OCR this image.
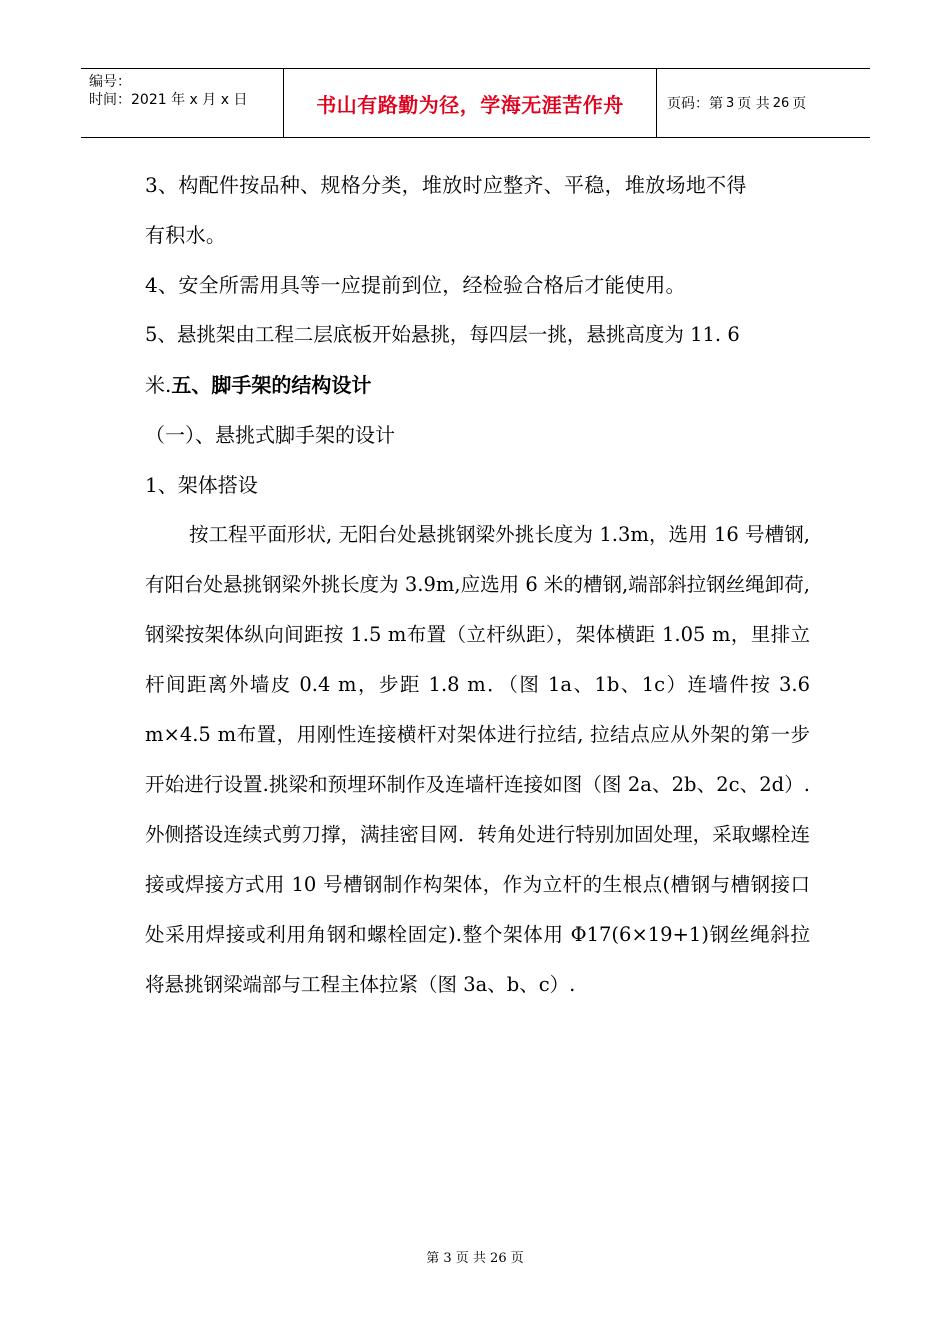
编号：
时间：2021 年 x 月 x 日	书山有路勤为径，学海无涯苦作舟	页码：第 3 页 共 26 页

3、构配件按品种、规格分类，堆放时应整齐、平稳，堆放场地不得

有积水。

4、安全所需用具等一应提前到位，经检验合格后才能使用。

5、悬挑架由工程二层底板开始悬挑，每四层一挑，悬挑高度为 11. 6

米.五、脚手架的结构设计

（一）、悬挑式脚手架的设计

1、架体搭设

按工程平面形状, 无阳台处悬挑钢梁外挑长度为 1.3m，选用 16 号槽钢,有阳台处悬挑钢梁外挑长度为 3.9m,应选用 6 米的槽钢,端部斜拉钢丝绳卸荷,钢梁按架体纵向间距按 1.5 m布置（立杆纵距），架体横距 1.05 m，里排立杆间距离外墙皮 0.4 m，步距 1.8 m．（图 1a、1b、1c）连墙件按 3.6 m×4.5 m布置，用刚性连接横杆对架体进行拉结, 拉结点应从外架的第一步开始进行设置.挑梁和预埋环制作及连墙杆连接如图（图 2a、2b、2c、2d）.外侧搭设连续式剪刀撑，满挂密目网．转角处进行特别加固处理，采取螺栓连接或焊接方式用 10 号槽钢制作构架体，作为立杆的生根点(槽钢与槽钢接口处采用焊接或利用角钢和螺栓固定).整个架体用 Φ17(6×19+1)钢丝绳斜拉将悬挑钢梁端部与工程主体拉紧（图 3a、b、c）.

第 3 页 共 26 页
